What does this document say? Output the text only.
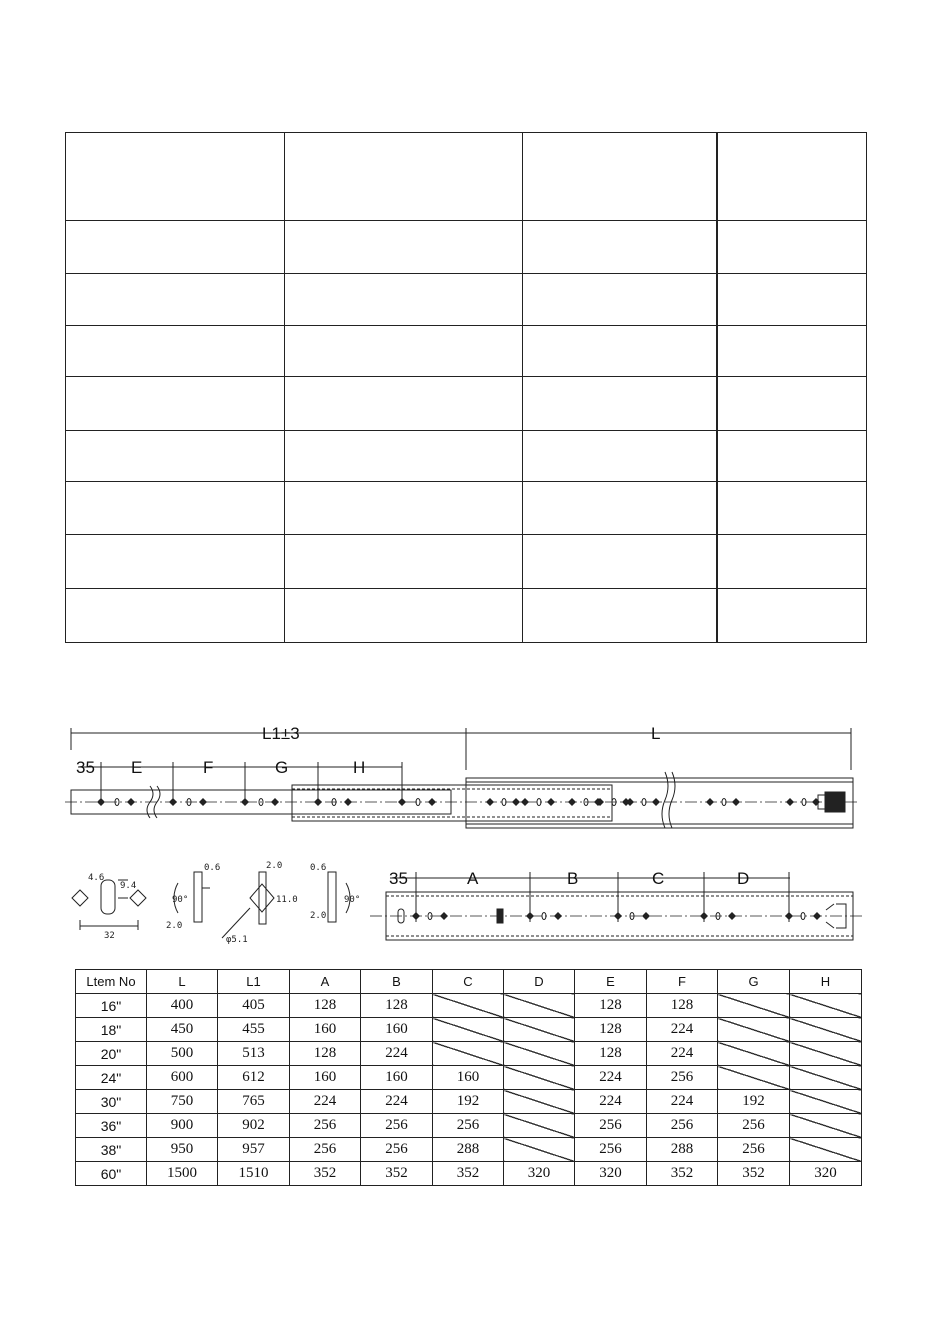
L1±3	L
35 E	F	G	H
4.6
9.4
32
0.6
90°
2.0
2.0
11.0
φ5.1
0.6
90°
2.0
35	A	B	C	D
Ltem No	L	L1	A	B	C	D	E	F	G	H
16"	400	405	128	128			128	128		
18"	450	455	160	160			128	224		
20"	500	513	128	224			128	224		
24"	600	612	160	160	160		224	256		
30"	750	765	224	224	192		224	224	192	
36"	900	902	256	256	256		256	256	256	
38"	950	957	256	256	288		256	288	256	
60"	1500	1510	352	352	352	320	320	352	352	320
